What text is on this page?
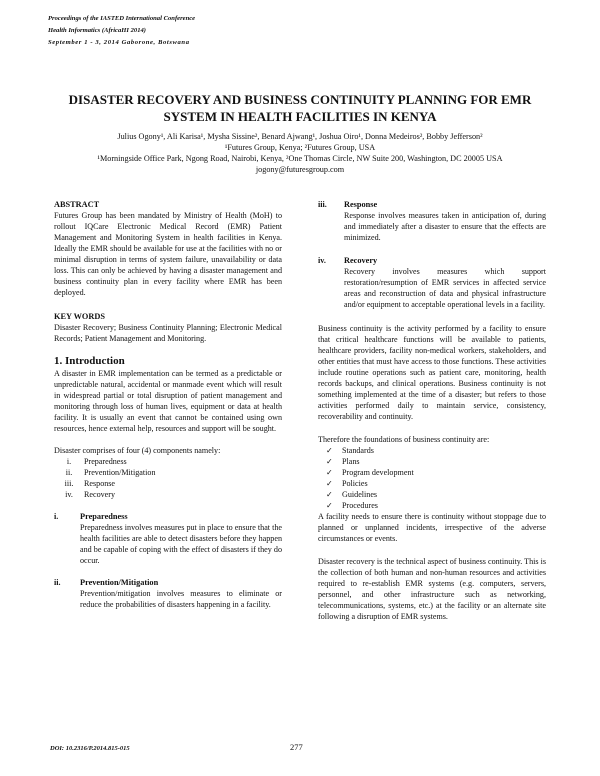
Proceedings of the IASTED International Conference
Health Informatics (AfricaHI 2014)
September 1 - 3, 2014 Gaborone, Botswana
DISASTER RECOVERY AND BUSINESS CONTINUITY PLANNING FOR EMR
SYSTEM IN HEALTH FACILITIES IN KENYA
Julius Ogony¹, Ali Karisa¹, Mysha Sissine², Benard Ajwang¹, Joshua Oiro¹, Donna Medeiros², Bobby Jefferson²
¹Futures Group, Kenya; ²Futures Group, USA
¹Morningside Office Park, Ngong Road, Nairobi, Kenya, ²One Thomas Circle, NW Suite 200, Washington, DC 20005 USA
jogony@futuresgroup.com
ABSTRACT

Futures Group has been mandated by Ministry of Health (MoH) to rollout IQCare Electronic Medical Record (EMR) Patient Management and Monitoring System in health facilities in Kenya. Ideally the EMR should be available for use at the facilities with no or minimal disruption in terms of system failure, unavailability or data loss. This can only be achieved by having a disaster management and business continuity plan in every facility where EMR has been deployed.

KEY WORDS

Disaster Recovery; Business Continuity Planning; Electronic Medical Records; Patient Management and Monitoring.

1. Introduction

A disaster in EMR implementation can be termed as a predictable or unpredictable natural, accidental or manmade event which will result in widespread partial or total disruption of patient management and monitoring through loss of human lives, equipment or data at health facility. It is usually an event that cannot be contained using own resources, hence external help, resources and support will be sought.

Disaster comprises of four (4) components namely:

i.	Preparedness
ii.	Prevention/Mitigation
iii.	Response
iv.	Recovery
i.	Preparedness

Preparedness involves measures put in place to ensure that the health facilities are able to detect disasters before they happen and be capable of coping with the effect of disasters if they do occur.

ii.	Prevention/Mitigation

Prevention/mitigation involves measures to eliminate or reduce the probabilities of disasters happening in a facility.

iii.	Response

Response involves measures taken in anticipation of, during and immediately after a disaster to ensure that the effects are minimized.

iv.	Recovery

Recovery involves measures which support restoration/resumption of EMR services in affected service areas and reconstruction of data and physical infrastructure and/or equipment to acceptable operational levels in a facility.

Business continuity is the activity performed by a facility to ensure that critical healthcare functions will be available to patients, healthcare providers, facility non-medical workers, stakeholders, and other entities that must have access to those functions. These activities include routine operations such as patient care, monitoring, health records backups, and clinical operations. Business continuity is not something implemented at the time of a disaster; but refers to those activities performed daily to maintain service, consistency, recoverability and continuity.

Therefore the foundations of business continuity are:

✓ Standards
✓ Plans
✓ Program development
✓ Policies
✓ Guidelines
✓ Procedures

A facility needs to ensure there is continuity without stoppage due to planned or unplanned incidents, irrespective of the adverse circumstances or events.

Disaster recovery is the technical aspect of business continuity. This is the collection of both human and non-human resources and activities required to re-establish EMR systems (e.g. computers, servers, personnel, and other infrastructure such as networking, telecommunications, systems, etc.) at the facility or an alternate site following a disruption of EMR systems.

DOI: 10.2316/P.2014.815-015	277
